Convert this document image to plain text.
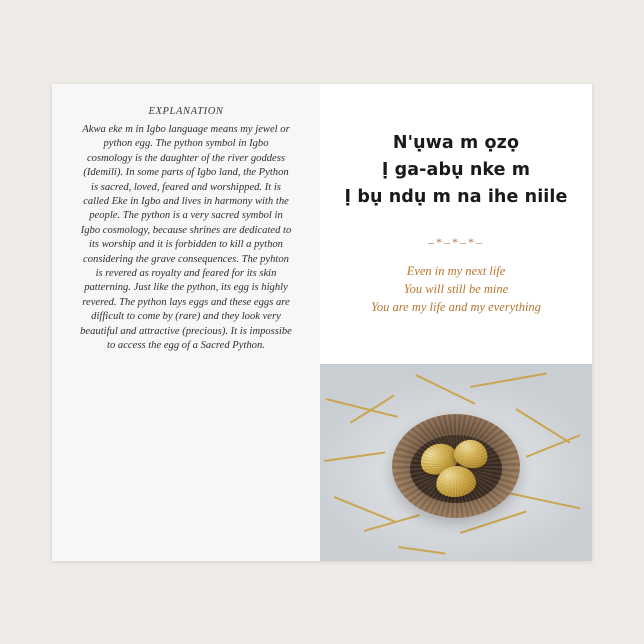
EXPLANATION

Akwa eke m in Igbo language means my jewel or python egg. The python symbol in Igbo cosmology is the daughter of the river goddess (Idemili). In some parts of Igbo land, the Python is sacred, loved, feared and worshipped. It is called Eke in Igbo and lives in harmony with the people. The python is a very sacred symbol in Igbo cosmology, because shrines are dedicated to its worship and it is forbidden to kill a python considering the grave consequences. The pyhton is revered as royalty and feared for its skin patterning. Just like the python, its egg is highly revered. The python lays eggs and these eggs are difficult to come by (rare) and they look very beautiful and attractive (precious). It is impossibe to access the egg of a Sacred Python.

N'ụwa m ọzọ
Ị ga-abụ nke m
Ị bụ ndụ m na ihe niile
–*–*–*–
Even in my next life
You will still be mine
You are my life and my everything
